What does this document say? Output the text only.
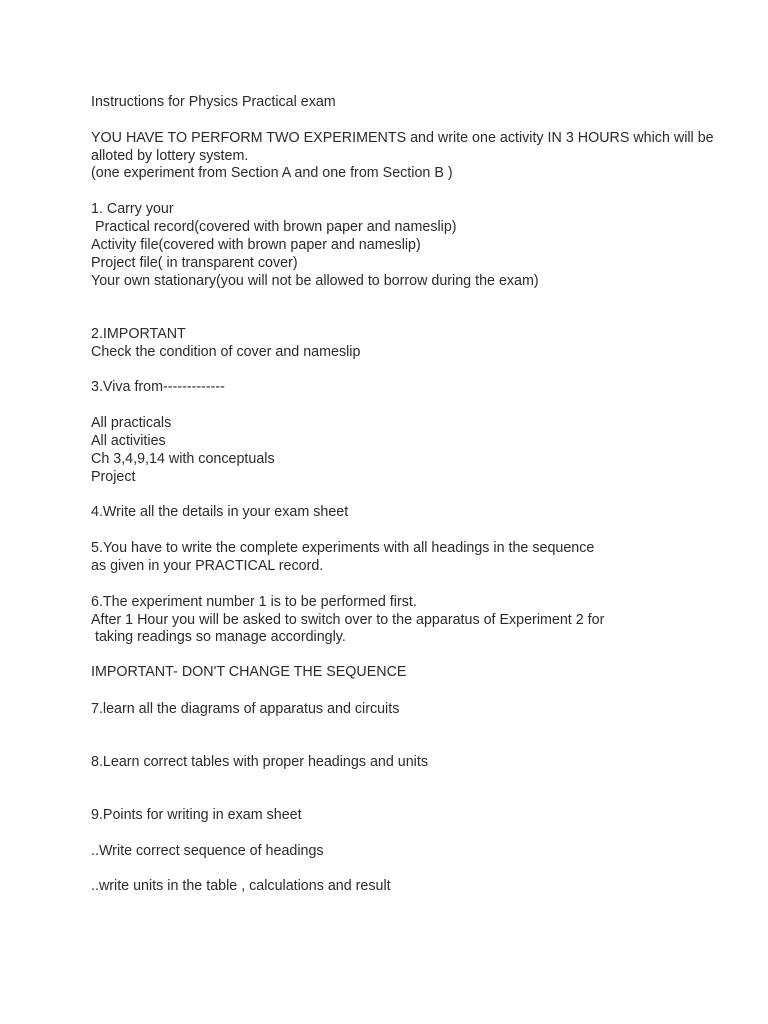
Instructions for Physics Practical exam

YOU HAVE TO PERFORM TWO EXPERIMENTS and write one activity IN 3 HOURS which will be

alloted by lottery system.

(one experiment from Section A and one from Section B )

1. Carry your

Practical record(covered with brown paper and nameslip)

Activity file(covered with brown paper and nameslip)

Project file( in transparent cover)

Your own stationary(you will not be allowed to borrow during the exam)

2.IMPORTANT

Check the condition of cover and nameslip

3.Viva from-------------

All practicals

All activities

Ch 3,4,9,14 with conceptuals

Project

4.Write all the details in your exam sheet

5.You have to write the complete experiments with all headings in the sequence

as given in your PRACTICAL record.

6.The experiment number 1 is to be performed first.

After 1 Hour you will be asked to switch over to the apparatus of Experiment 2 for

taking readings so manage accordingly.

IMPORTANT- DON'T CHANGE THE SEQUENCE

7.learn all the diagrams of apparatus and circuits

8.Learn correct tables with proper headings and units

9.Points for writing in exam sheet

..Write correct sequence of headings

..write units in the table , calculations and result
